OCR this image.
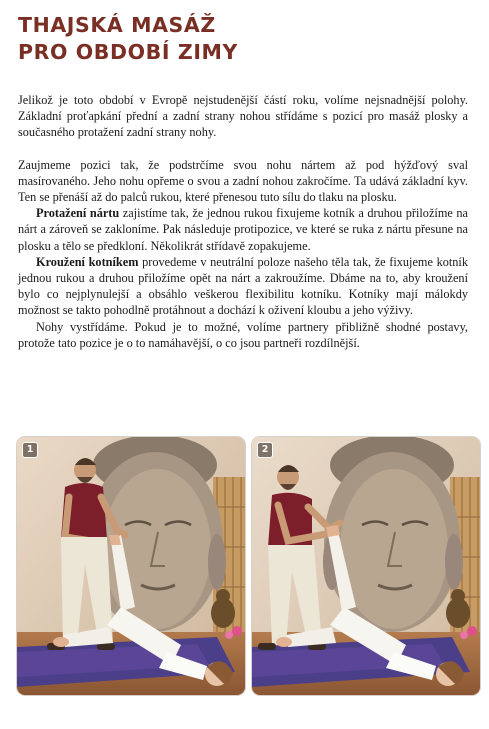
THAJSKÁ MASÁŽ
PRO OBDOBÍ ZIMY

Jelikož je toto období v Evropě nejstudenější částí roku, volíme nejsnadnější polohy. Základní proťapkání přední a zadní strany nohou střídáme s pozicí pro masáž plosky a současného protažení zadní strany nohy.

Zaujmeme pozici tak, že podstrčíme svou nohu nártem až pod hýžďový sval masírovaného. Jeho nohu opřeme o svou a zadní nohou zakročíme. Ta udává základní kyv. Ten se přenáší až do palců rukou, které přenesou tuto sílu do tlaku na plosku.

Protažení nártu zajistíme tak, že jednou rukou fixujeme kotník a druhou přiložíme na nárt a zároveň se zakloníme. Pak následuje protipozice, ve které se ruka z nártu přesune na plosku a tělo se předkloní. Několikrát střídavě zopakujeme.

Kroužení kotníkem provedeme v neutrální poloze našeho těla tak, že fixujeme kotník jednou rukou a druhou přiložíme opět na nárt a zakroužíme. Dbáme na to, aby kroužení bylo co nejplynulejší a obsáhlo veškerou flexibilitu kotníku. Kotníky mají málokdy možnost se takto pohodlně protáhnout a dochází k oživení kloubu a jeho výživy.

Nohy vystřídáme. Pokud je to možné, volíme partnery přibližně shodné postavy, protože tato pozice je o to namáhavější, o co jsou partneři rozdílnější.

1	2
